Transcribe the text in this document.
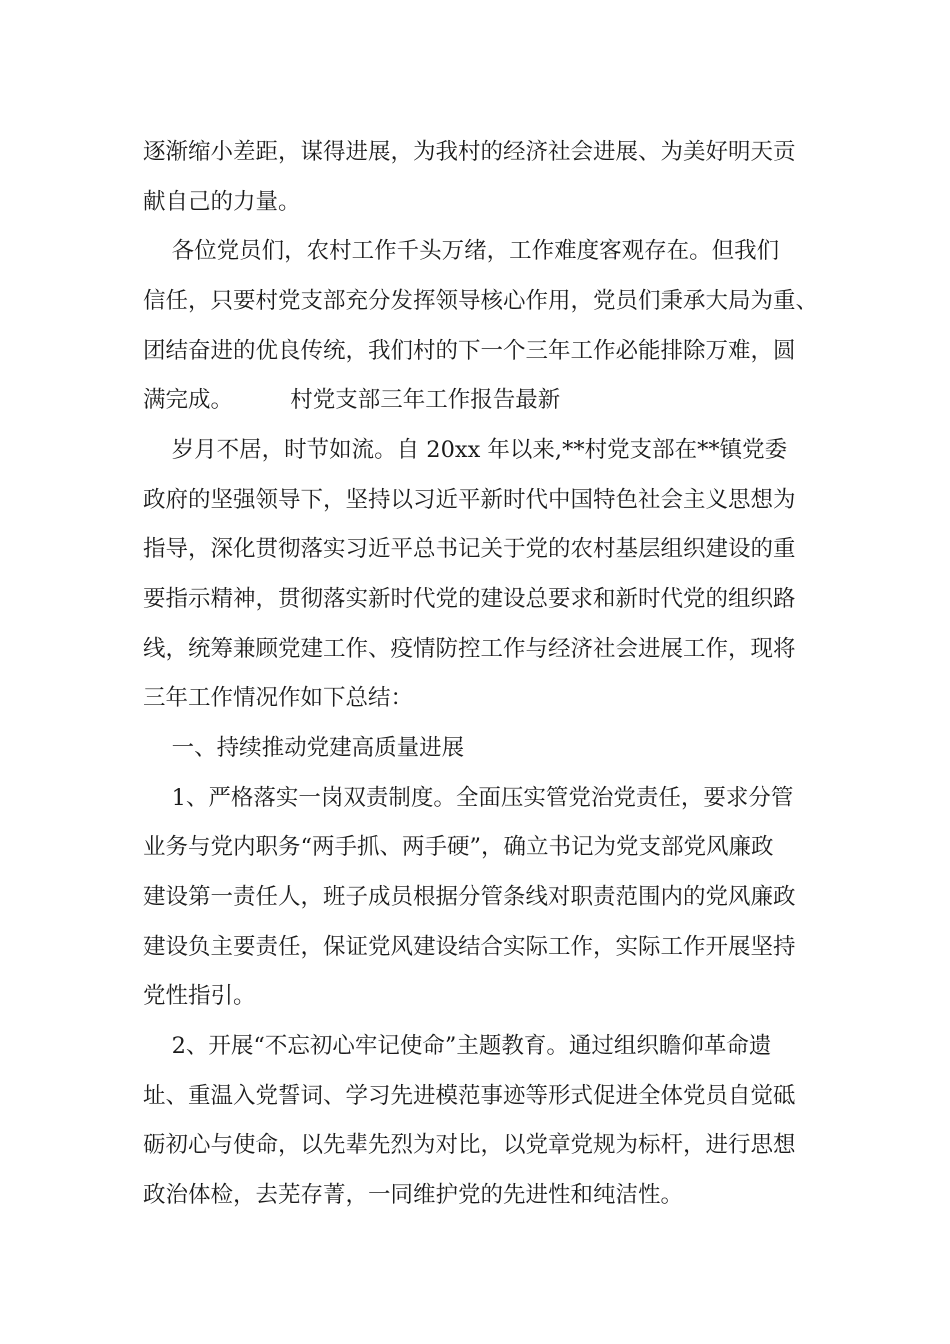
逐渐缩小差距，谋得进展，为我村的经济社会进展、为美好明天贡

献自己的力量。

各位党员们，农村工作千头万绪，工作难度客观存在。但我们

信任，只要村党支部充分发挥领导核心作用，党员们秉承大局为重、

团结奋进的优良传统，我们村的下一个三年工作必能排除万难，圆

满完成。        村党支部三年工作报告最新

岁月不居，时节如流。自 20xx 年以来,**村党支部在**镇党委

政府的坚强领导下，坚持以习近平新时代中国特色社会主义思想为

指导，深化贯彻落实习近平总书记关于党的农村基层组织建设的重

要指示精神，贯彻落实新时代党的建设总要求和新时代党的组织路

线，统筹兼顾党建工作、疫情防控工作与经济社会进展工作，现将

三年工作情况作如下总结：

一、持续推动党建高质量进展

1、严格落实一岗双责制度。全面压实管党治党责任，要求分管

业务与党内职务“两手抓、两手硬”，确立书记为党支部党风廉政

建设第一责任人，班子成员根据分管条线对职责范围内的党风廉政

建设负主要责任，保证党风建设结合实际工作，实际工作开展坚持

党性指引。

2、开展“不忘初心牢记使命”主题教育。通过组织瞻仰革命遗

址、重温入党誓词、学习先进模范事迹等形式促进全体党员自觉砥

砺初心与使命，以先辈先烈为对比，以党章党规为标杆，进行思想

政治体检，去芜存菁，一同维护党的先进性和纯洁性。
